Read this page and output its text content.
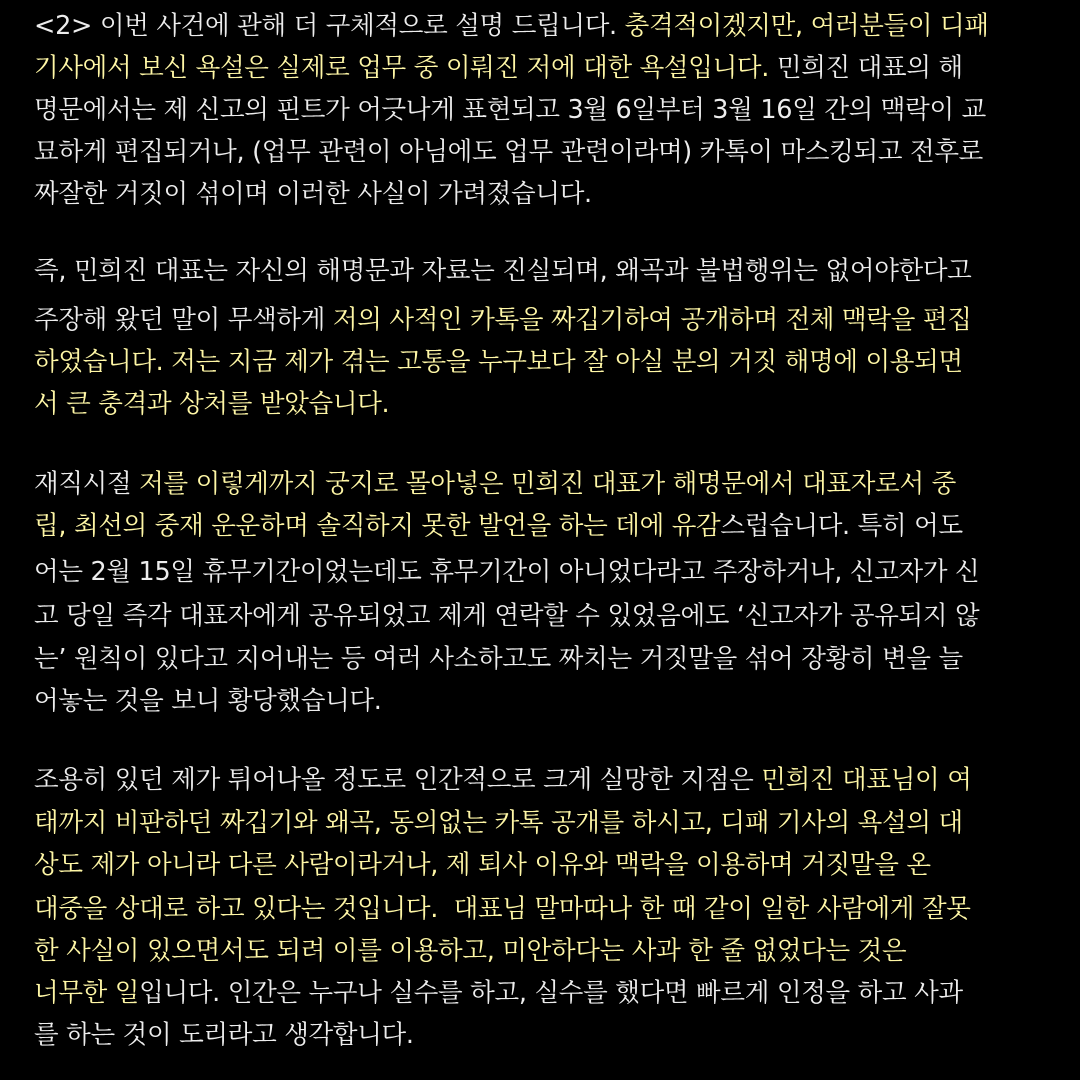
<2> 이번 사건에 관해 더 구체적으로 설명 드립니다. 충격적이겠지만, 여러분들이 디패
기사에서 보신 욕설은 실제로 업무 중 이뤄진 저에 대한 욕설입니다. 민희진 대표의 해
명문에서는 제 신고의 핀트가 어긋나게 표현되고 3월 6일부터 3월 16일 간의 맥락이 교
묘하게 편집되거나, (업무 관련이 아님에도 업무 관련이라며) 카톡이 마스킹되고 전후로
짜잘한 거짓이 섞이며 이러한 사실이 가려졌습니다.
즉, 민희진 대표는 자신의 해명문과 자료는 진실되며, 왜곡과 불법행위는 없어야한다고
주장해 왔던 말이 무색하게 저의 사적인 카톡을 짜깁기하여 공개하며 전체 맥락을 편집
하였습니다. 저는 지금 제가 겪는 고통을 누구보다 잘 아실 분의 거짓 해명에 이용되면
서 큰 충격과 상처를 받았습니다.
재직시절 저를 이렇게까지 궁지로 몰아넣은 민희진 대표가 해명문에서 대표자로서 중
립, 최선의 중재 운운하며 솔직하지 못한 발언을 하는 데에 유감스럽습니다. 특히 어도
어는 2월 15일 휴무기간이었는데도 휴무기간이 아니었다라고 주장하거나, 신고자가 신
고 당일 즉각 대표자에게 공유되었고 제게 연락할 수 있었음에도 ‘신고자가 공유되지 않
는’ 원칙이 있다고 지어내는 등 여러 사소하고도 짜치는 거짓말을 섞어 장황히 변을 늘
어놓는 것을 보니 황당했습니다.
조용히 있던 제가 튀어나올 정도로 인간적으로 크게 실망한 지점은 민희진 대표님이 여
태까지 비판하던 짜깁기와 왜곡, 동의없는 카톡 공개를 하시고, 디패 기사의 욕설의 대
상도 제가 아니라 다른 사람이라거나, 제 퇴사 이유와 맥락을 이용하며 거짓말을 온
대중을 상대로 하고 있다는 것입니다.  대표님 말마따나 한 때 같이 일한 사람에게 잘못
한 사실이 있으면서도 되려 이를 이용하고, 미안하다는 사과 한 줄 없었다는 것은
너무한 일입니다. 인간은 누구나 실수를 하고, 실수를 했다면 빠르게 인정을 하고 사과
를 하는 것이 도리라고 생각합니다.
